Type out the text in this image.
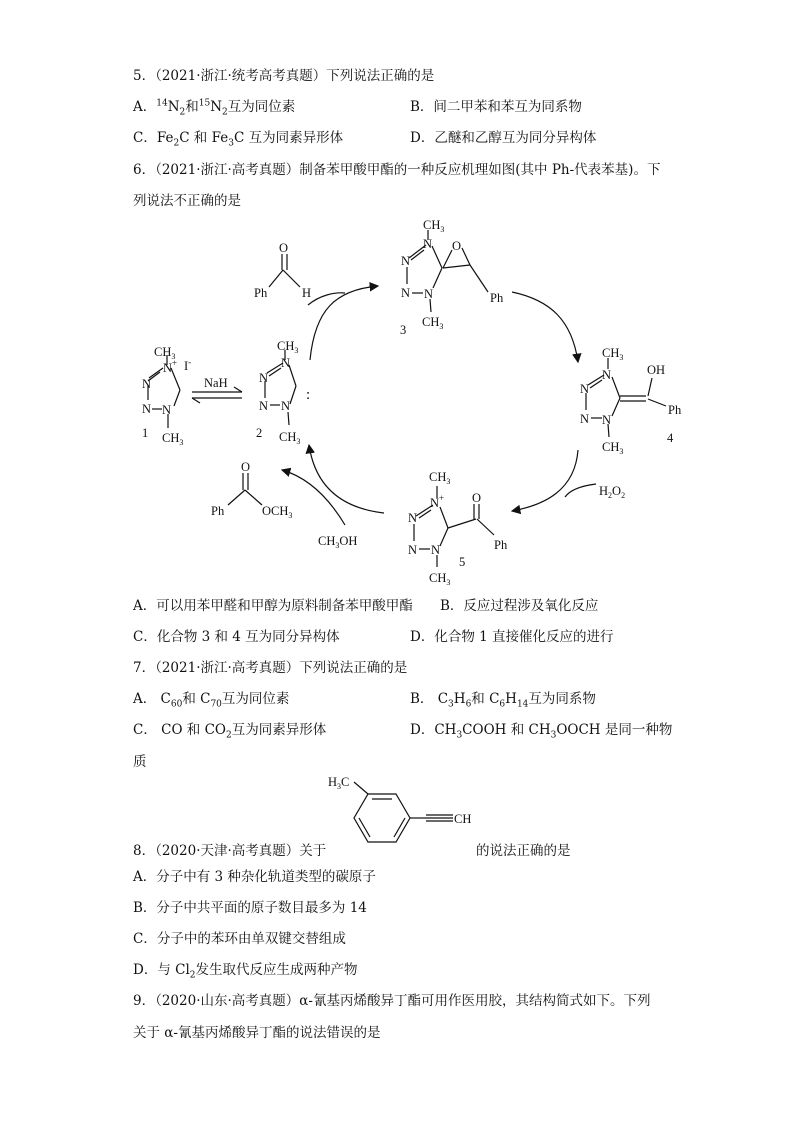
5．（2021·浙江·统考高考真题）下列说法正确的是
A．$^{14}N_2$和$^{15}N_2$互为同位素	B．间二甲苯和苯互为同系物
C．$Fe_2C$ 和 $Fe_3C$ 互为同素异形体	D．乙醚和乙醇互为同分异构体
6．（2021·浙江·高考真题）制备苯甲酸甲酯的一种反应机理如图(其中 Ph-代表苯基)。下
列说法不正确的是
$CH_3$
N+ I-
N
N N
$CH_3$
1
NaH
$CH_3$
N
N
N N
$CH_3$
:
2
O
Ph	H
$CH_3$
N
N
N N
$CH_3$
O
Ph
3
$CH_3$
N
N
N N
$CH_3$
OH
Ph
4
$H_2O_2$
$CH_3$
N+
N
N N
$CH_3$
O
Ph
5
O
Ph	$OCH_3$
$CH_3OH$
A．可以用苯甲醛和甲醇为原料制备苯甲酸甲酯 B．反应过程涉及氧化反应
C．化合物 3 和 4 互为同分异构体	D．化合物 1 直接催化反应的进行
7．（2021·浙江·高考真题）下列说法正确的是
A． $C_{60}$和 $C_{70}$互为同位素	B． $C_3H_6$和 $C_6H_{14}$互为同系物
C． CO 和 $CO_2$互为同素异形体	D．$CH_3COOH$ 和 $CH_3OOCH$ 是同一种物
质
$H_3C$
CH
8．（2020·天津·高考真题）关于	的说法正确的是
A．分子中有 3 种杂化轨道类型的碳原子
B．分子中共平面的原子数目最多为 14
C．分子中的苯环由单双键交替组成
D．与 $Cl_2$发生取代反应生成两种产物
9．（2020·山东·高考真题）α-氰基丙烯酸异丁酯可用作医用胶，其结构简式如下。下列
关于 α-氰基丙烯酸异丁酯的说法错误的是
